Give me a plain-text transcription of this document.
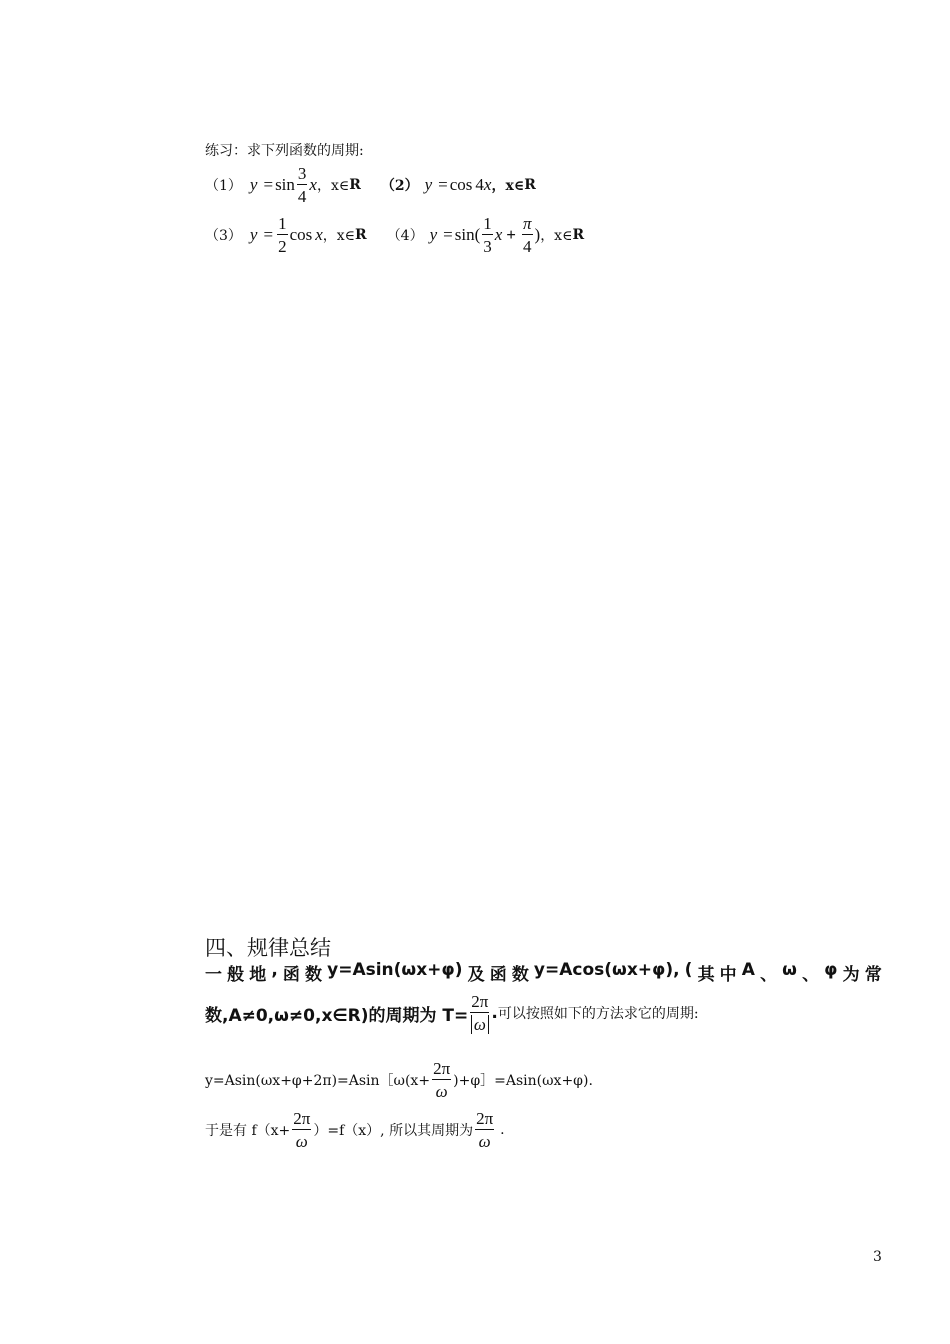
练习：求下列函数的周期:
（1） $y = \sin \frac{3}{4}$ x ，x∈ R （2） y = cos 4 x ，x∈ R
（3） $y = \frac{1}{2}$ cos x ，x∈ R （4） $y = \sin( \frac{1}{3}$ $x + \frac{\pi}{4}$ ) ，x∈ R
四、规律总结
一 般 地 , 函 数 y=Asin(ωx+φ) 及 函 数 y=Acos(ωx+φ), ( 其 中 A 、 ω 、 φ 为 常
数,A≠0,ω≠0,x∈R)的周期为 $T= \frac{2\pi}{\omega}$ . 可以按照如下的方法求它的周期:
y=Asin(ωx+φ+2π)=Asin［ω(x+ $\frac{2\pi}{\omega}$ )+φ］=Asin(ωx+φ).
于是有 $f(x+ \frac{2\pi}{\omega} )=f(x)$, 所以其周期为 $\frac{2\pi}{\omega}$ .
3
